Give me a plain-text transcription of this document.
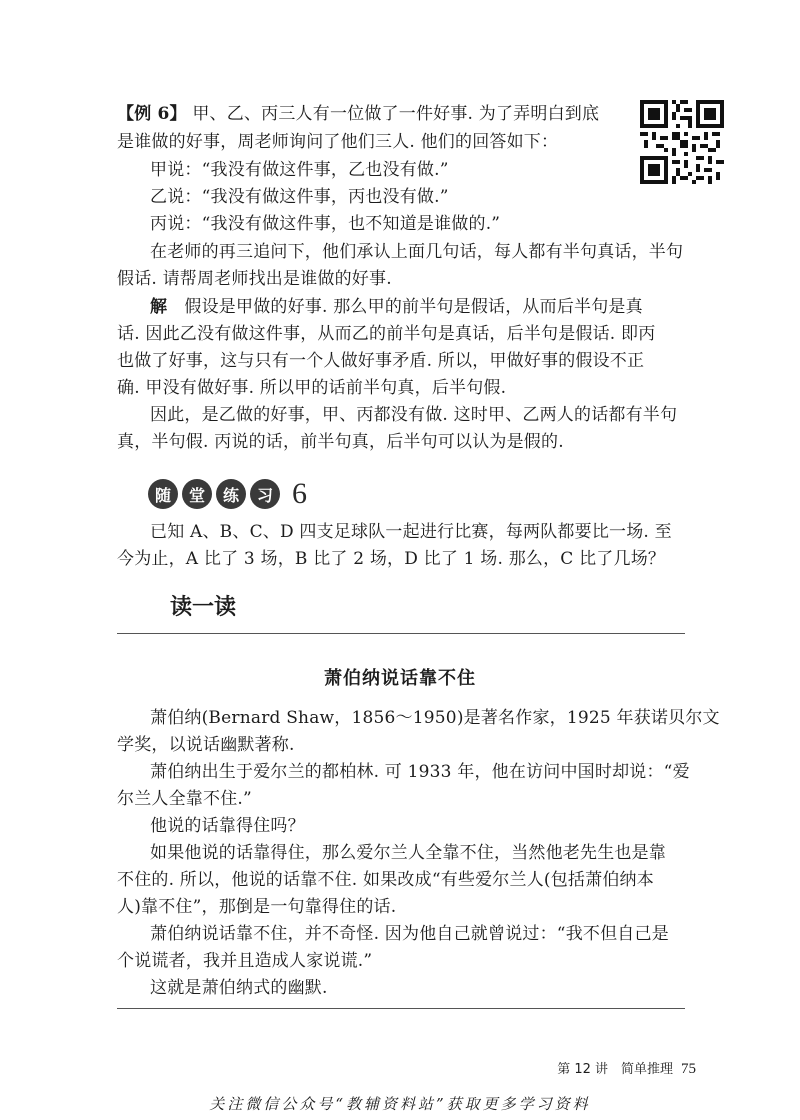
【例 6】 甲、乙、丙三人有一位做了一件好事. 为了弄明白到底
是谁做的好事，周老师询问了他们三人. 他们的回答如下：
甲说：“我没有做这件事，乙也没有做.”
乙说：“我没有做这件事，丙也没有做.”
丙说：“我没有做这件事，也不知道是谁做的.”
在老师的再三追问下，他们承认上面几句话，每人都有半句真话，半句
假话. 请帮周老师找出是谁做的好事.
解　 假设是甲做的好事. 那么甲的前半句是假话，从而后半句是真
话. 因此乙没有做这件事，从而乙的前半句是真话，后半句是假话. 即丙
也做了好事，这与只有一个人做好事矛盾. 所以，甲做好事的假设不正
确. 甲没有做好事. 所以甲的话前半句真，后半句假.
因此，是乙做的好事，甲、丙都没有做. 这时甲、乙两人的话都有半句
真，半句假. 丙说的话，前半句真，后半句可以认为是假的.
随	堂	练	习 6
已知 A、B、C、D 四支足球队一起进行比赛，每两队都要比一场. 至
今为止，A 比了 3 场，B 比了 2 场，D 比了 1 场. 那么，C 比了几场？
读一读
萧伯纳说话靠不住
萧伯纳(Bernard Shaw，1856～1950)是著名作家，1925 年获诺贝尔文
学奖，以说话幽默著称.
萧伯纳出生于爱尔兰的都柏林. 可 1933 年，他在访问中国时却说：“爱
尔兰人全靠不住.”
他说的话靠得住吗？
如果他说的话靠得住，那么爱尔兰人全靠不住，当然他老先生也是靠
不住的. 所以，他说的话靠不住. 如果改成“有些爱尔兰人(包括萧伯纳本
人)靠不住”，那倒是一句靠得住的话.
萧伯纳说话靠不住，并不奇怪. 因为他自己就曾说过：“我不但自己是
个说谎者，我并且造成人家说谎.”
这就是萧伯纳式的幽默.
第 12 讲　简单推理 75
关注微信公众号“教辅资料站”获取更多学习资料
